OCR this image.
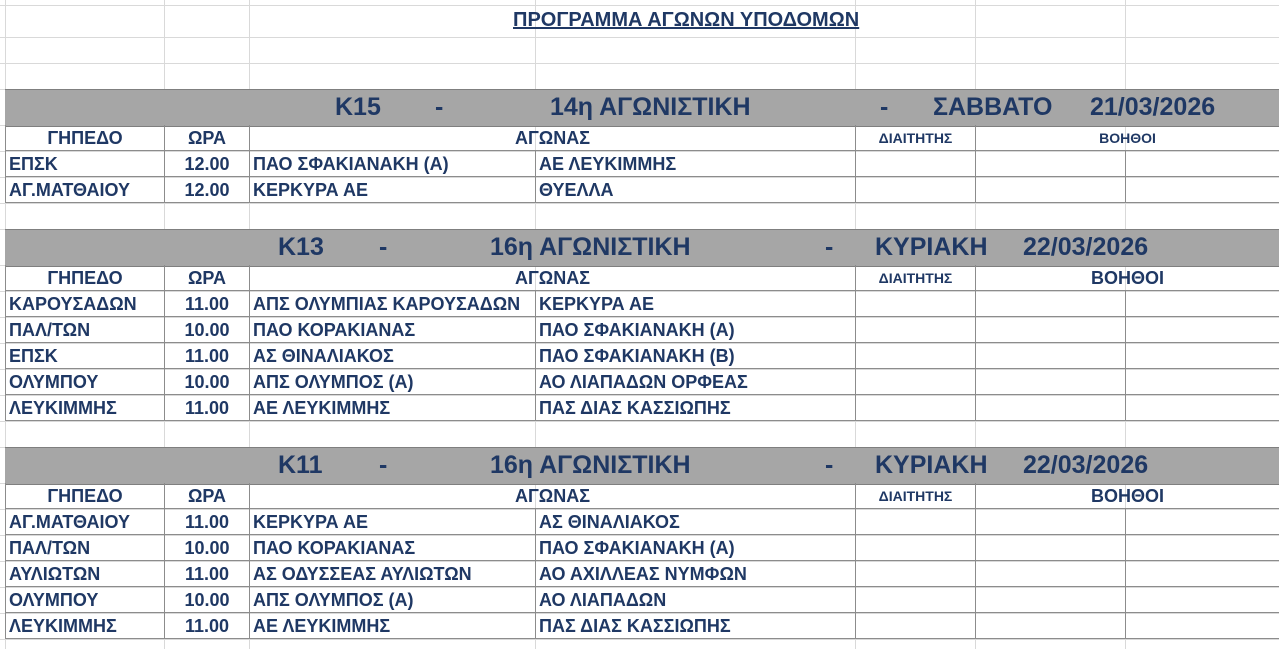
ΠΡΟΓΡΑΜΜΑ ΑΓΩΝΩΝ ΥΠΟΔΟΜΩΝ
Κ15 -	14η ΑΓΩΝΙΣΤΙΚΗ	- ΣΑΒΒΑΤΟ 21/03/2026
ΓΗΠΕΔΟ	ΩΡΑ	ΑΓΩΝΑΣ	ΔΙΑΙΤΗΤΗΣ	ΒΟΗΘΟΙ
ΕΠΣΚ	12.00	ΠΑΟ ΣΦΑΚΙΑΝΑΚΗ (Α)	ΑΕ ΛΕΥΚΙΜΜΗΣ
ΑΓ.ΜΑΤΘΑΙΟΥ	12.00	ΚΕΡΚΥΡΑ ΑΕ	ΘΥΕΛΛΑ
Κ13 -	16η ΑΓΩΝΙΣΤΙΚΗ	- ΚΥΡΙΑΚΗ 22/03/2026
ΓΗΠΕΔΟ	ΩΡΑ	ΑΓΩΝΑΣ	ΔΙΑΙΤΗΤΗΣ	ΒΟΗΘΟΙ
ΚΑΡΟΥΣΑΔΩΝ	11.00	ΑΠΣ ΟΛΥΜΠΙΑΣ ΚΑΡΟΥΣΑΔΩΝ	ΚΕΡΚΥΡΑ ΑΕ
ΠΑΛ/ΤΩΝ	10.00	ΠΑΟ ΚΟΡΑΚΙΑΝΑΣ	ΠΑΟ ΣΦΑΚΙΑΝΑΚΗ (Α)
ΕΠΣΚ	11.00	ΑΣ ΘΙΝΑΛΙΑΚΟΣ	ΠΑΟ ΣΦΑΚΙΑΝΑΚΗ (Β)
ΟΛΥΜΠΟΥ	10.00	ΑΠΣ ΟΛΥΜΠΟΣ (Α)	ΑΟ ΛΙΑΠΑΔΩΝ ΟΡΦΕΑΣ
ΛΕΥΚΙΜΜΗΣ	11.00	ΑΕ ΛΕΥΚΙΜΜΗΣ	ΠΑΣ ΔΙΑΣ ΚΑΣΣΙΩΠΗΣ
Κ11 -	16η ΑΓΩΝΙΣΤΙΚΗ	- ΚΥΡΙΑΚΗ 22/03/2026
ΓΗΠΕΔΟ	ΩΡΑ	ΑΓΩΝΑΣ	ΔΙΑΙΤΗΤΗΣ	ΒΟΗΘΟΙ
ΑΓ.ΜΑΤΘΑΙΟΥ	11.00	ΚΕΡΚΥΡΑ ΑΕ	ΑΣ ΘΙΝΑΛΙΑΚΟΣ
ΠΑΛ/ΤΩΝ	10.00	ΠΑΟ ΚΟΡΑΚΙΑΝΑΣ	ΠΑΟ ΣΦΑΚΙΑΝΑΚΗ (Α)
ΑΥΛΙΩΤΩΝ	11.00	ΑΣ ΟΔΥΣΣΕΑΣ ΑΥΛΙΩΤΩΝ	ΑΟ ΑΧΙΛΛΕΑΣ ΝΥΜΦΩΝ
ΟΛΥΜΠΟΥ	10.00	ΑΠΣ ΟΛΥΜΠΟΣ (Α)	ΑΟ ΛΙΑΠΑΔΩΝ
ΛΕΥΚΙΜΜΗΣ	11.00	ΑΕ ΛΕΥΚΙΜΜΗΣ	ΠΑΣ ΔΙΑΣ ΚΑΣΣΙΩΠΗΣ
